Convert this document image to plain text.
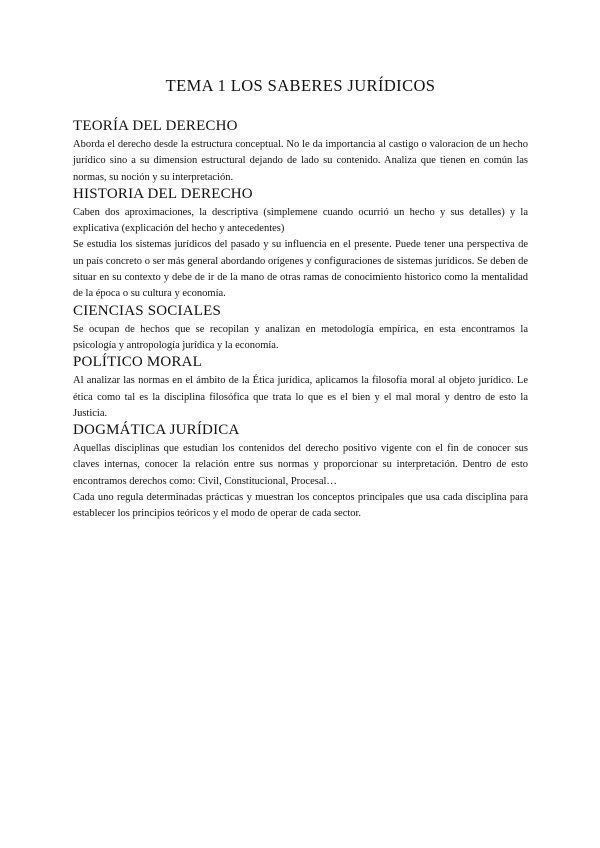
TEMA 1 LOS SABERES JURÍDICOS
TEORÍA DEL DERECHO

Aborda el derecho desde la estructura conceptual. No le da importancia al castigo o valoracion de un hecho jurídico sino a su dimension estructural dejando de lado su contenido. Analiza que tienen en común las normas, su noción y su interpretación.

HISTORIA DEL DERECHO

Caben dos aproximaciones, la descriptiva (simplemene cuando ocurrió un hecho y sus detalles) y la explicativa (explicación del hecho y antecedentes)

Se estudia los sistemas jurídicos del pasado y su influencia en el presente. Puede tener una perspectiva de un país concreto o ser más general abordando orígenes y configuraciones de sistemas jurídicos. Se deben de situar en su contexto y debe de ir de la mano de otras ramas de conocimiento historico como la mentalidad de la época o su cultura y economía.

CIENCIAS SOCIALES

Se ocupan de hechos que se recopilan y analizan en metodología empírica, en esta encontramos la psicología y antropología jurídica y la economía.

POLÍTICO MORAL

Al analizar las normas en el ámbito de la Ética jurídica, aplicamos la filosofía moral al objeto jurídico. Le ética como tal es la disciplina filosófica que trata lo que es el bien y el mal moral y dentro de esto la Justicia.

DOGMÁTICA JURÍDICA

Aquellas disciplinas que estudian los contenidos del derecho positivo vigente con el fin de conocer sus claves internas, conocer la relación entre sus normas y proporcionar su interpretación. Dentro de esto encontramos derechos como: Civil, Constitucional, Procesal…

Cada uno regula determinadas prácticas y muestran los conceptos principales que usa cada disciplina para establecer los principios teóricos y el modo de operar de cada sector.
